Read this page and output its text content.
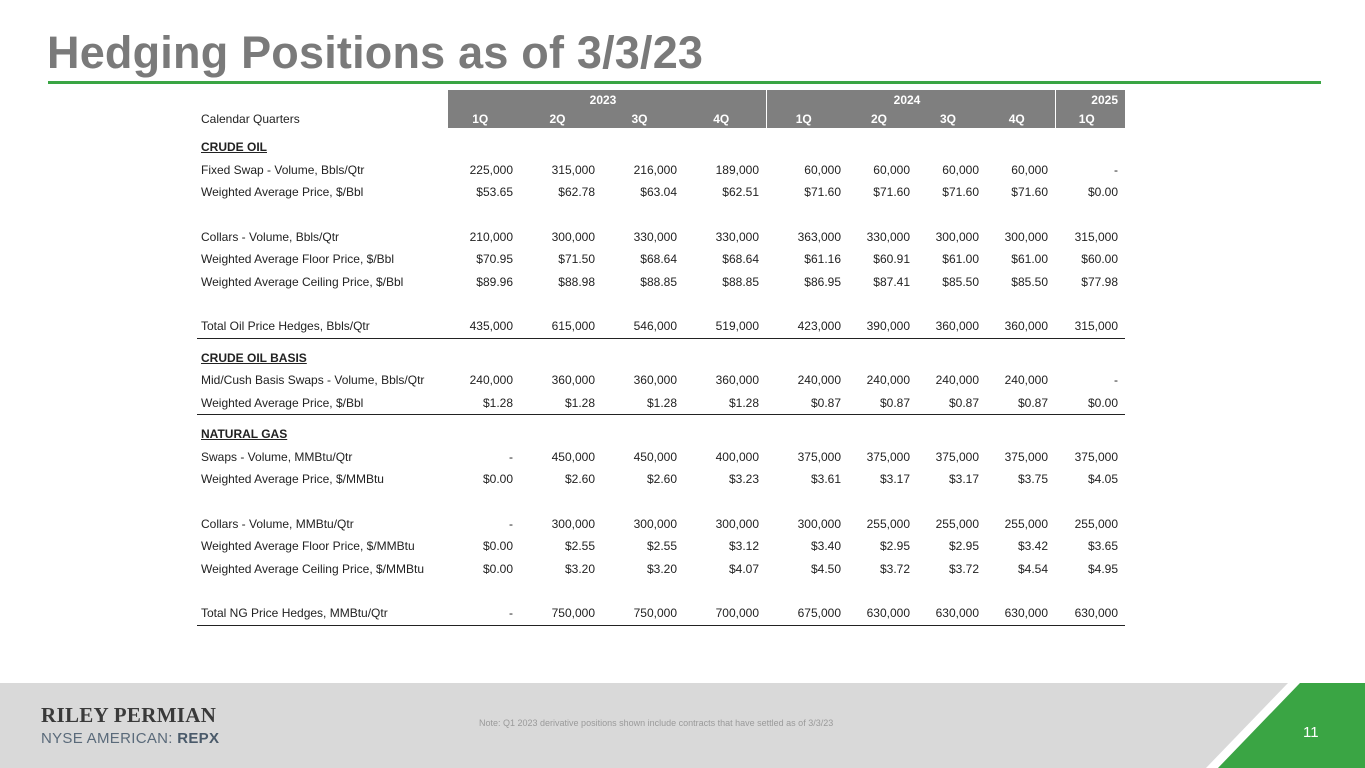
Hedging Positions as of 3/3/23
	2023				2024				2025
Calendar Quarters	1Q	2Q	3Q	4Q	1Q	2Q	3Q	4Q	1Q

CRUDE OIL									
Fixed Swap - Volume, Bbls/Qtr	225,000	315,000	216,000	189,000	60,000	60,000	60,000	60,000	-
Weighted Average Price, $/Bbl	$53.65	$62.78	$63.04	$62.51	$71.60	$71.60	$71.60	$71.60	$0.00

Collars - Volume, Bbls/Qtr	210,000	300,000	330,000	330,000	363,000	330,000	300,000	300,000	315,000
Weighted Average Floor Price, $/Bbl	$70.95	$71.50	$68.64	$68.64	$61.16	$60.91	$61.00	$61.00	$60.00
Weighted Average Ceiling Price, $/Bbl	$89.96	$88.98	$88.85	$88.85	$86.95	$87.41	$85.50	$85.50	$77.98

Total Oil Price Hedges, Bbls/Qtr	435,000	615,000	546,000	519,000	423,000	390,000	360,000	360,000	315,000

CRUDE OIL BASIS									
Mid/Cush Basis Swaps - Volume, Bbls/Qtr	240,000	360,000	360,000	360,000	240,000	240,000	240,000	240,000	-
Weighted Average Price, $/Bbl	$1.28	$1.28	$1.28	$1.28	$0.87	$0.87	$0.87	$0.87	$0.00

NATURAL GAS									
Swaps - Volume, MMBtu/Qtr	-	450,000	450,000	400,000	375,000	375,000	375,000	375,000	375,000
Weighted Average Price, $/MMBtu	$0.00	$2.60	$2.60	$3.23	$3.61	$3.17	$3.17	$3.75	$4.05

Collars - Volume, MMBtu/Qtr	-	300,000	300,000	300,000	300,000	255,000	255,000	255,000	255,000
Weighted Average Floor Price, $/MMBtu	$0.00	$2.55	$2.55	$3.12	$3.40	$2.95	$2.95	$3.42	$3.65
Weighted Average Ceiling Price, $/MMBtu	$0.00	$3.20	$3.20	$4.07	$4.50	$3.72	$3.72	$4.54	$4.95

Total NG Price Hedges, MMBtu/Qtr	-	750,000	750,000	700,000	675,000	630,000	630,000	630,000	630,000
RILEY PERMIAN
NYSE AMERICAN: REPX
Note: Q1 2023 derivative positions shown include contracts that have settled as of 3/3/23
11
